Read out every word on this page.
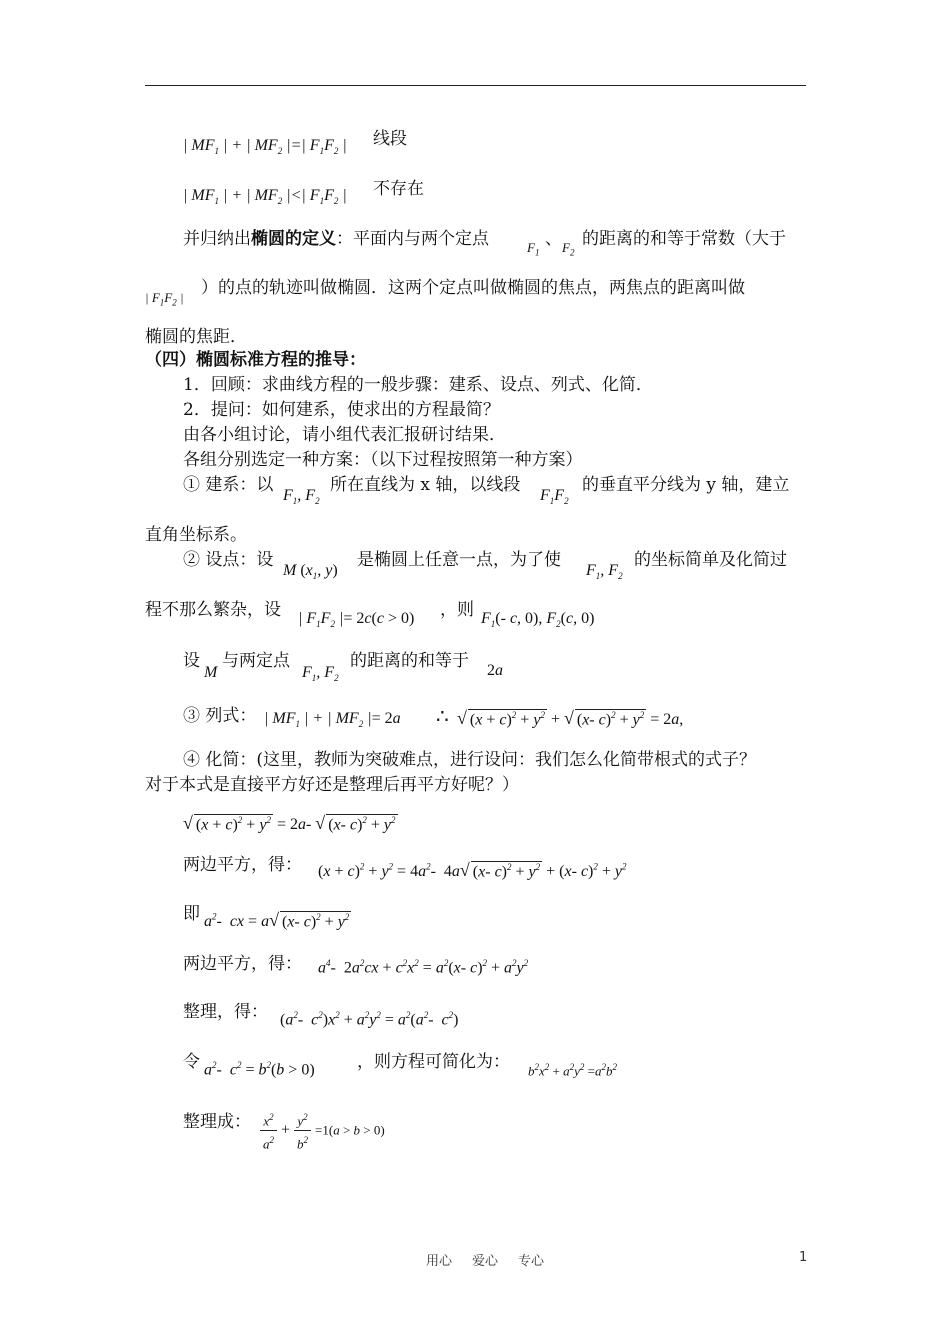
| $MF_1$ | + | $MF_2$ |=| $F_1F_2$ | 线段
| $MF_1$ | + | $MF_2$ |<| $F_1F_2$ | 不存在
并归纳出椭圆的定义：平面内与两个定点	$F_1$
、 $F_2$
的距离的和等于常数（大于
| $F_1F_2$ | ）的点的轨迹叫做椭圆．这两个定点叫做椭圆的焦点，两焦点的距离叫做
椭圆的焦距．
（四）椭圆标准方程的推导：
1．回顾：求曲线方程的一般步骤：建系、设点、列式、化简．
2．提问：如何建系，使求出的方程最简？
由各小组讨论，请小组代表汇报研讨结果．
各组分别选定一种方案：（以下过程按照第一种方案）
① 建系：以
$F_1$, $F_2$
所在直线为 x 轴，以线段
$F_1F_2$
的垂直平分线为 y 轴，建立
直角坐标系。
② 设点：设
M ($x_1$, y)
是椭圆上任意一点，为了使
$F_1$, $F_2$
的坐标简单及化简过
程不那么繁杂，设 | $F_1F_2$ |= 2c(c > 0) ，则 $F_1(-$ c, 0), $F_2(c$, 0)
设
M
与两定点
$F_1$, $F_2$
的距离的和等于 2a
③ 列式： | $MF_1$ | + | $MF_2$ |= 2a ∴ √ $(x + c)^2 + y^2$ + √ (x- $c)^2 + y^2 = 2a$,
④ 化简：(这里，教师为突破难点，进行设问：我们怎么化简带根式的式子？
对于本式是直接平方好还是整理后再平方好呢？）
√ $(x + c)^2 + y^2 = 2a-$ √ (x- $c)^2 + y^2$
两边平方，得： $(x + c)^2 + y^2 = 4a^2-$  4a√ (x- $c)^2 + y^2 + (x-$ $c)^2 + y^2$
即 $a^2-$  cx = a√ (x- $c)^2 + y^2$
两边平方，得： $a^4-$  $2a^2cx + c^2x^2 = a^2(x-$ $c)^2 + a^2y^2$
整理，得： ($a^2-$  $c^2)x^2 + a^2y^2 = a^2(a^2-$  $c^2$)
令 $a^2-$  $c^2 = b^2(b > 0)$ ，则方程可简化为： $b^2x^2 + a^2y^2 =a^2b^2$
整理成： $\frac{x^2}{a^2} + \frac{y^2}{b^2} =1(a > b > 0)$
用心 爱心 专心	1
